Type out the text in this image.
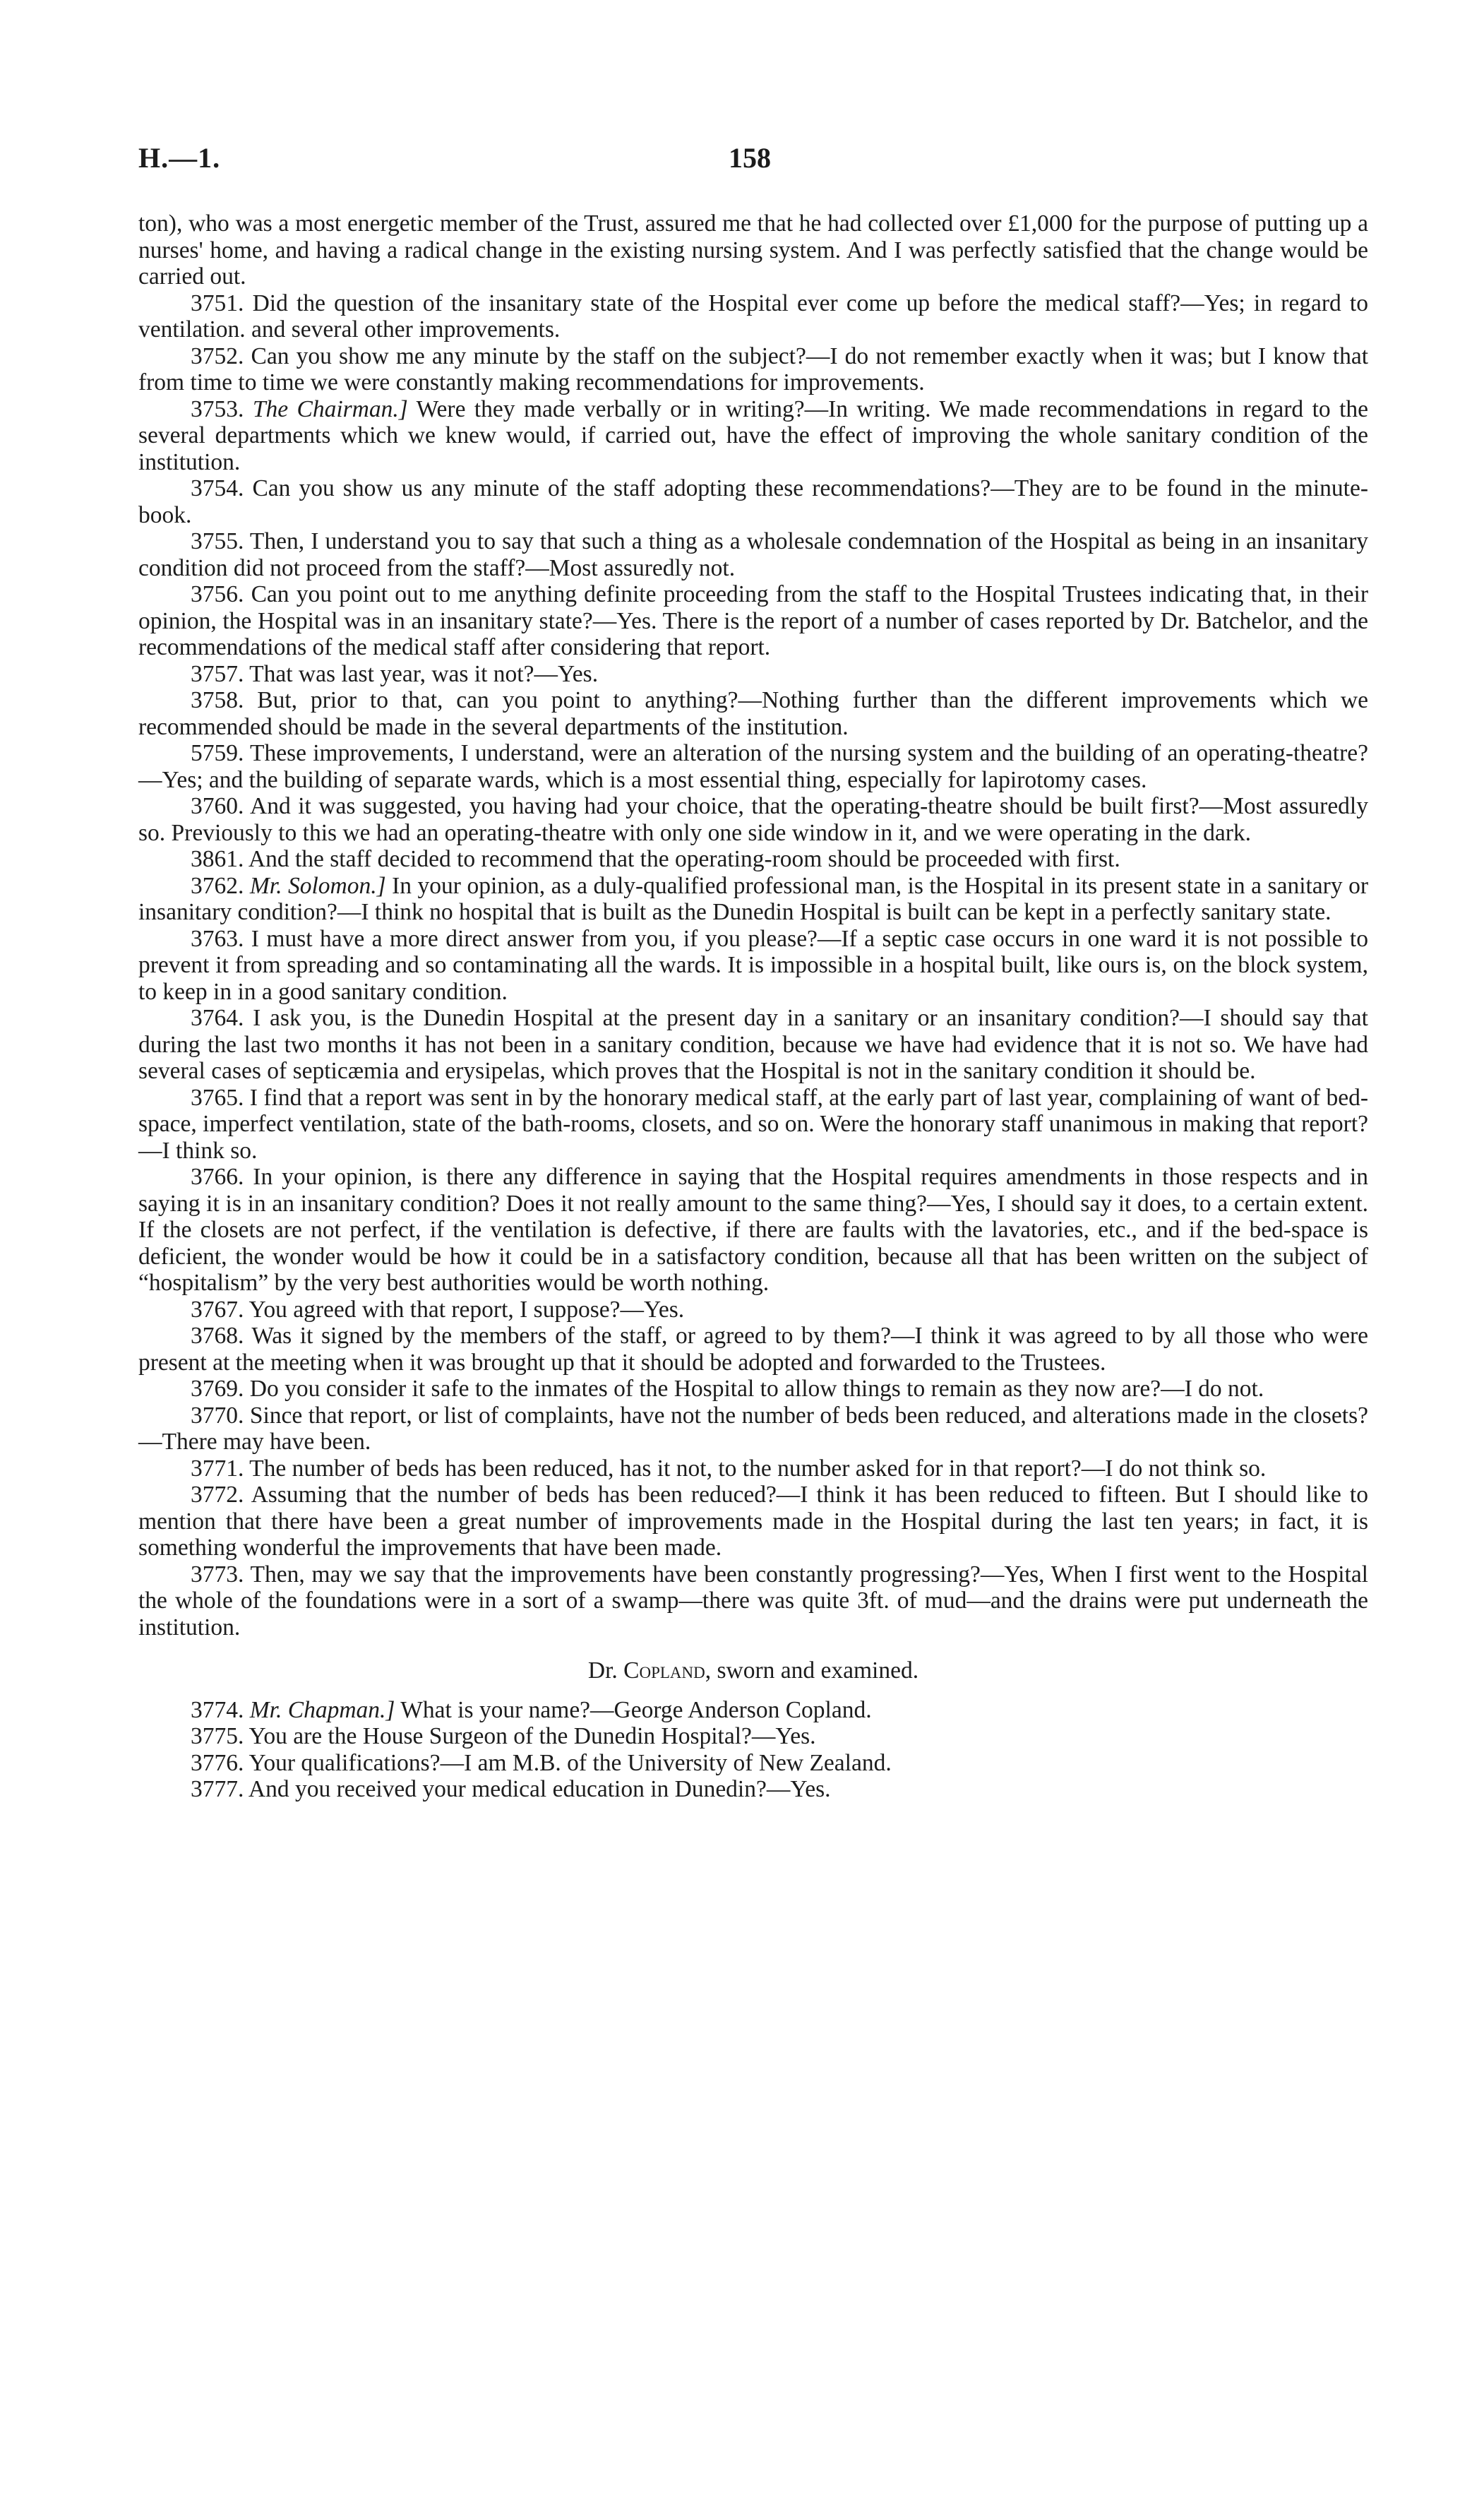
H.—1.	158

ton), who was a most energetic member of the Trust, assured me that he had collected over £1,000 for the purpose of putting up a nurses' home, and having a radical change in the existing nursing system. And I was perfectly satisfied that the change would be carried out.

3751. Did the question of the insanitary state of the Hospital ever come up before the medical staff?—Yes; in regard to ventilation. and several other improvements.

3752. Can you show me any minute by the staff on the subject?—I do not remember exactly when it was; but I know that from time to time we were constantly making recommendations for improvements.

3753. The Chairman.] Were they made verbally or in writing?—In writing. We made recommendations in regard to the several departments which we knew would, if carried out, have the effect of improving the whole sanitary condition of the institution.

3754. Can you show us any minute of the staff adopting these recommendations?—They are to be found in the minute-book.

3755. Then, I understand you to say that such a thing as a wholesale condemnation of the Hospital as being in an insanitary condition did not proceed from the staff?—Most assuredly not.

3756. Can you point out to me anything definite proceeding from the staff to the Hospital Trustees indicating that, in their opinion, the Hospital was in an insanitary state?—Yes. There is the report of a number of cases reported by Dr. Batchelor, and the recommendations of the medical staff after considering that report.

3757. That was last year, was it not?—Yes.

3758. But, prior to that, can you point to anything?—Nothing further than the different improvements which we recommended should be made in the several departments of the institution.

5759. These improvements, I understand, were an alteration of the nursing system and the building of an operating-theatre?—Yes; and the building of separate wards, which is a most essential thing, especially for lapirotomy cases.

3760. And it was suggested, you having had your choice, that the operating-theatre should be built first?—Most assuredly so. Previously to this we had an operating-theatre with only one side window in it, and we were operating in the dark.

3861. And the staff decided to recommend that the operating-room should be proceeded with first.

3762. Mr. Solomon.] In your opinion, as a duly-qualified professional man, is the Hospital in its present state in a sanitary or insanitary condition?—I think no hospital that is built as the Dunedin Hospital is built can be kept in a perfectly sanitary state.

3763. I must have a more direct answer from you, if you please?—If a septic case occurs in one ward it is not possible to prevent it from spreading and so contaminating all the wards. It is impossible in a hospital built, like ours is, on the block system, to keep in in a good sanitary condition.

3764. I ask you, is the Dunedin Hospital at the present day in a sanitary or an insanitary condition?—I should say that during the last two months it has not been in a sanitary condition, because we have had evidence that it is not so. We have had several cases of septicæmia and erysipelas, which proves that the Hospital is not in the sanitary condition it should be.

3765. I find that a report was sent in by the honorary medical staff, at the early part of last year, complaining of want of bed-space, imperfect ventilation, state of the bath-rooms, closets, and so on. Were the honorary staff unanimous in making that report?—I think so.

3766. In your opinion, is there any difference in saying that the Hospital requires amendments in those respects and in saying it is in an insanitary condition? Does it not really amount to the same thing?—Yes, I should say it does, to a certain extent. If the closets are not perfect, if the ventilation is defective, if there are faults with the lavatories, etc., and if the bed-space is deficient, the wonder would be how it could be in a satisfactory condition, because all that has been written on the subject of “hospitalism” by the very best authorities would be worth nothing.

3767. You agreed with that report, I suppose?—Yes.

3768. Was it signed by the members of the staff, or agreed to by them?—I think it was agreed to by all those who were present at the meeting when it was brought up that it should be adopted and forwarded to the Trustees.

3769. Do you consider it safe to the inmates of the Hospital to allow things to remain as they now are?—I do not.

3770. Since that report, or list of complaints, have not the number of beds been reduced, and alterations made in the closets?—There may have been.

3771. The number of beds has been reduced, has it not, to the number asked for in that report?—I do not think so.

3772. Assuming that the number of beds has been reduced?—I think it has been reduced to fifteen. But I should like to mention that there have been a great number of improvements made in the Hospital during the last ten years; in fact, it is something wonderful the improvements that have been made.

3773. Then, may we say that the improvements have been constantly progressing?—Yes, When I first went to the Hospital the whole of the foundations were in a sort of a swamp—there was quite 3ft. of mud—and the drains were put underneath the institution.

Dr. Copland, sworn and examined.

3774. Mr. Chapman.] What is your name?—George Anderson Copland.

3775. You are the House Surgeon of the Dunedin Hospital?—Yes.

3776. Your qualifications?—I am M.B. of the University of New Zealand.

3777. And you received your medical education in Dunedin?—Yes.
